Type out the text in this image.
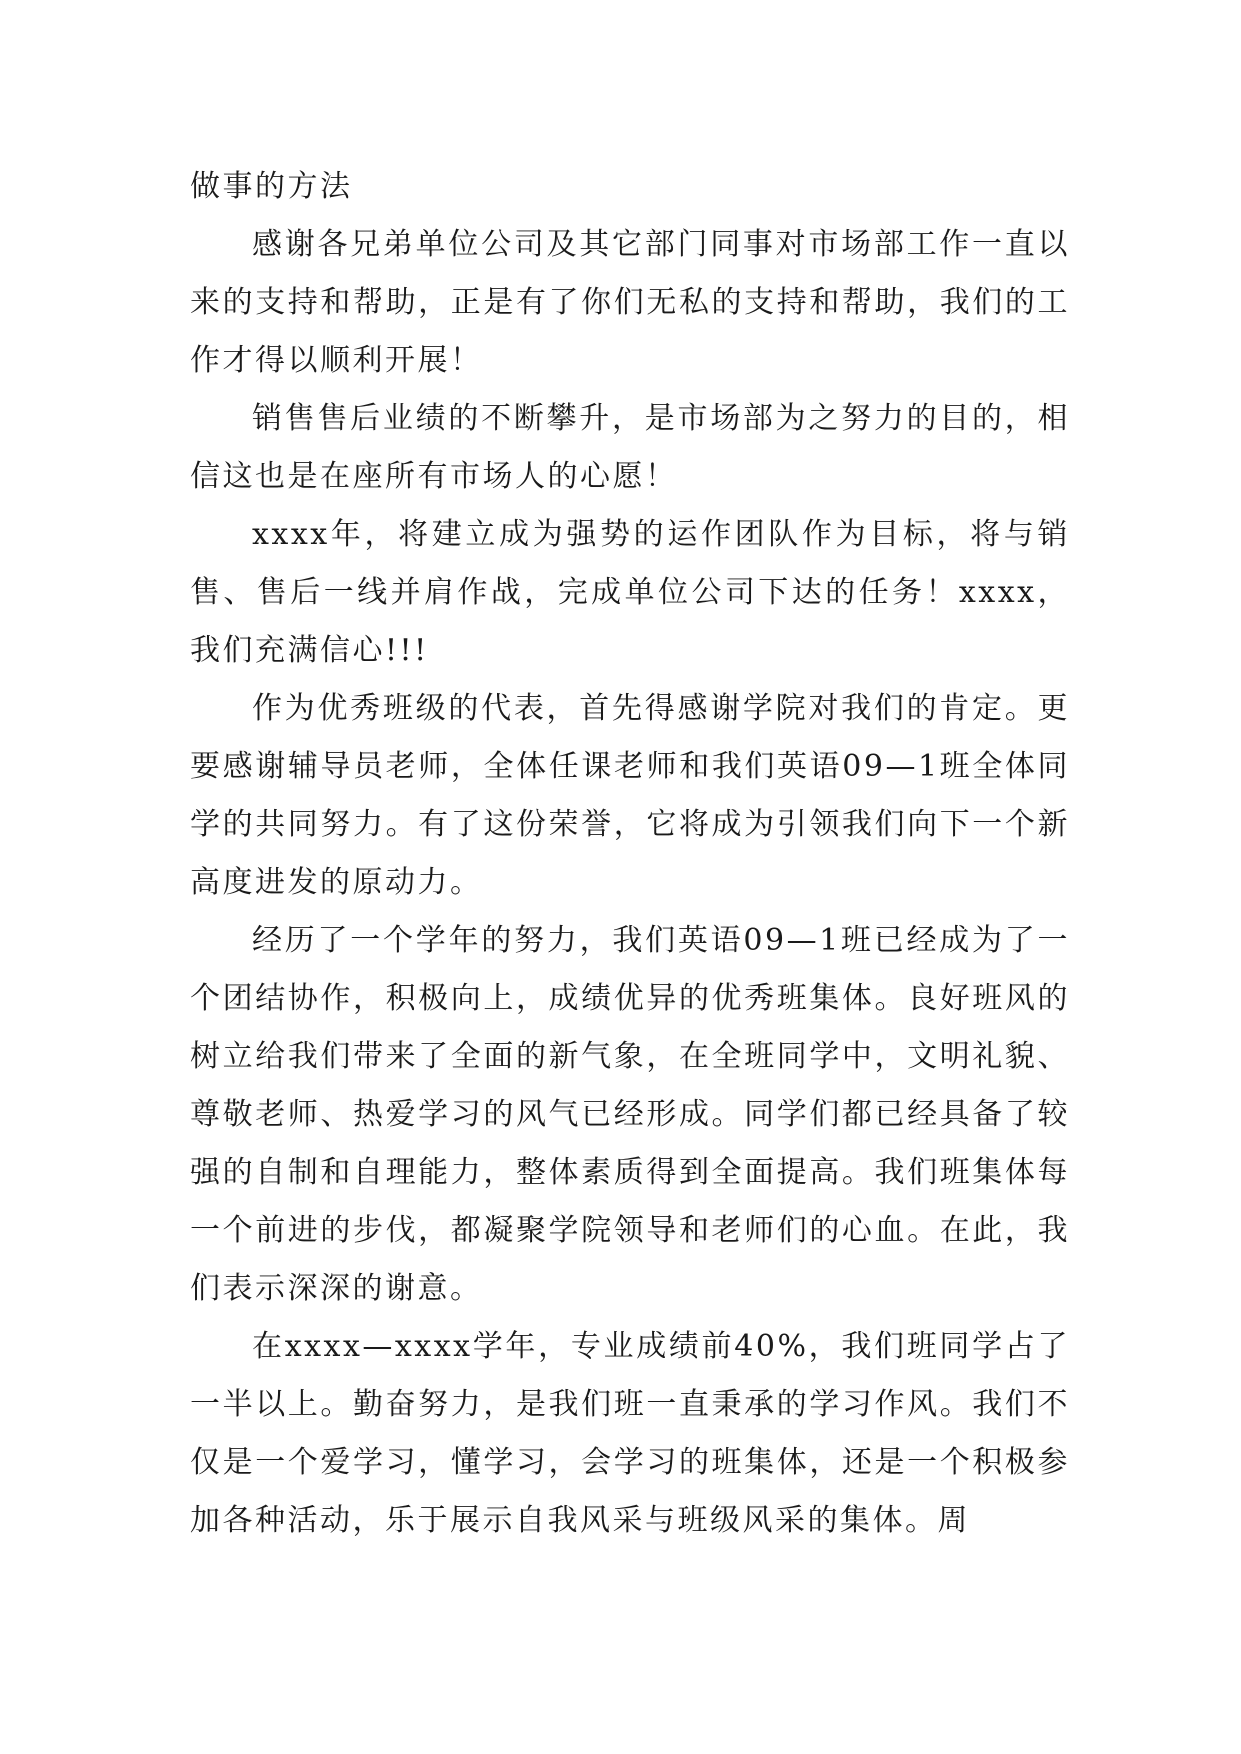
做事的方法

感谢各兄弟单位公司及其它部门同事对市场部工作一直以来的支持和帮助，正是有了你们无私的支持和帮助，我们的工作才得以顺利开展！

销售售后业绩的不断攀升，是市场部为之努力的目的，相信这也是在座所有市场人的心愿！

xxxx年，将建立成为强势的运作团队作为目标，将与销售、售后一线并肩作战，完成单位公司下达的任务！xxxx，我们充满信心!!!

作为优秀班级的代表，首先得感谢学院对我们的肯定。更要感谢辅导员老师，全体任课老师和我们英语09—1班全体同学的共同努力。有了这份荣誉，它将成为引领我们向下一个新高度进发的原动力。

经历了一个学年的努力，我们英语09—1班已经成为了一个团结协作，积极向上，成绩优异的优秀班集体。良好班风的树立给我们带来了全面的新气象，在全班同学中，文明礼貌、尊敬老师、热爱学习的风气已经形成。同学们都已经具备了较强的自制和自理能力，整体素质得到全面提高。我们班集体每一个前进的步伐，都凝聚学院领导和老师们的心血。在此，我们表示深深的谢意。

在xxxx—xxxx学年，专业成绩前40%，我们班同学占了一半以上。勤奋努力，是我们班一直秉承的学习作风。我们不仅是一个爱学习，懂学习，会学习的班集体，还是一个积极参加各种活动，乐于展示自我风采与班级风采的集体。周
